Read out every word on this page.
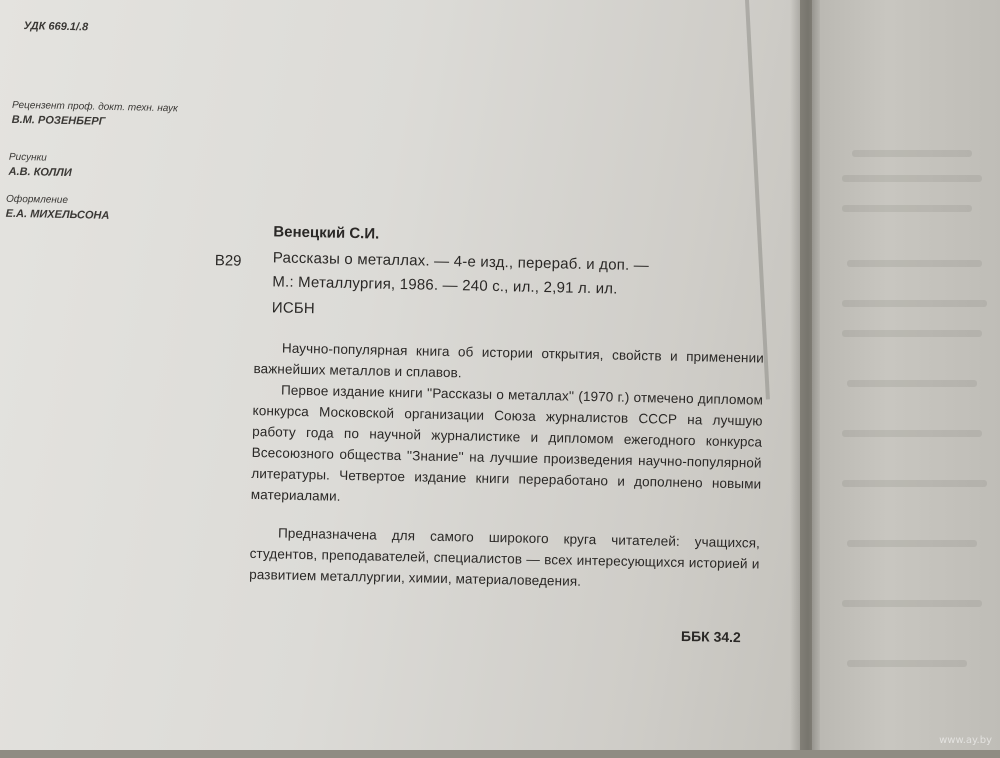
УДК 669.1/.8
Рецензент проф. докт. техн. наук
В.М. РОЗЕНБЕРГ
Рисунки
А.В. КОЛЛИ
Оформление
Е.А. МИХЕЛЬСОНА
Венецкий С.И.
В29 Рассказы о металлах. — 4-е изд., перераб. и доп. —
М.: Металлургия, 1986. — 240 с., ил., 2,91 л. ил.
ИСБН

Научно-популярная книга об истории открытия, свойств и применении важнейших металлов и сплавов.

Первое издание книги ''Рассказы о металлах'' (1970 г.) отмечено дипломом конкурса Московской организации Союза журналистов СССР на лучшую работу года по научной журналистике и дипломом ежегодного конкурса Всесоюзного общества ''Знание'' на лучшие произведения научно-популярной литературы. Четвертое издание книги переработано и дополнено новыми материалами.

Предназначена для самого широкого круга читателей: учащихся, студентов, преподавателей, специалистов — всех интересующихся историей и развитием металлургии, химии, материаловедения.

ББК 34.2
www.ay.by
